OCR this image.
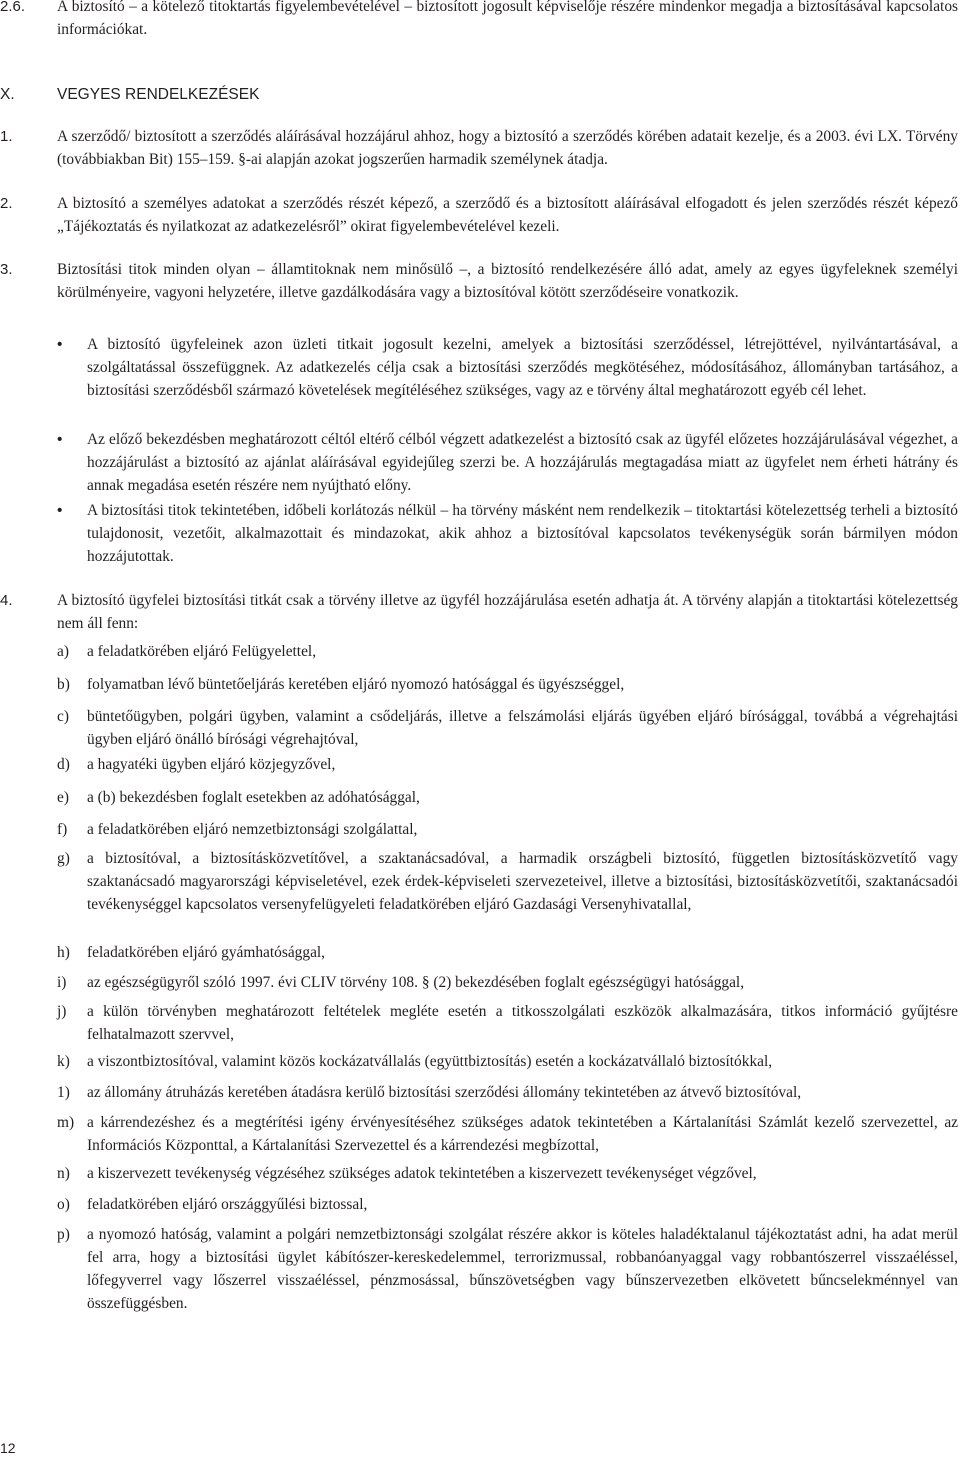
2.6. A biztosító – a kötelező titoktartás figyelembevételével – biztosított jogosult képviselője részére mindenkor megadja a biztosításával kapcsolatos információkat.
X.	VEGYES RENDELKEZÉSEK
1.	A szerződő/ biztosított a szerződés aláírásával hozzájárul ahhoz, hogy a biztosító a szerződés körében adatait kezelje, és a 2003. évi LX. Törvény (továbbiakban Bit) 155–159. §-ai alapján azokat jogszerűen harmadik személynek átadja.
2.	A biztosító a személyes adatokat a szerződés részét képező, a szerződő és a biztosított aláírásával elfogadott és jelen szerződés részét képező „Tájékoztatás és nyilatkozat az adatkezelésről” okirat figyelembevételével kezeli.
3.	Biztosítási titok minden olyan – államtitoknak nem minősülő –, a biztosító rendelkezésére álló adat, amely az egyes ügyfeleknek személyi körülményeire, vagyoni helyzetére, illetve gazdálkodására vagy a biztosítóval kötött szerződéseire vonatkozik.
• A biztosító ügyfeleinek azon üzleti titkait jogosult kezelni, amelyek a biztosítási szerződéssel, létrejöttével, nyilvántartásával, a szolgáltatással összefüggnek. Az adatkezelés célja csak a biztosítási szerződés megkötéséhez, módosításához, állományban tartásához, a biztosítási szerződésből származó követelések megítéléséhez szükséges, vagy az e törvény által meghatározott egyéb cél lehet.
• Az előző bekezdésben meghatározott céltól eltérő célból végzett adatkezelést a biztosító csak az ügyfél előzetes hozzájárulásával végezhet, a hozzájárulást a biztosító az ajánlat aláírásával egyidejűleg szerzi be. A hozzájárulás megtagadása miatt az ügyfelet nem érheti hátrány és annak megadása esetén részére nem nyújtható előny.
• A biztosítási titok tekintetében, időbeli korlátozás nélkül – ha törvény másként nem rendelkezik – titoktartási kötelezettség terheli a biztosító tulajdonosit, vezetőit, alkalmazottait és mindazokat, akik ahhoz a biztosítóval kapcsolatos tevékenységük során bármilyen módon hozzájutottak.
4.	A biztosító ügyfelei biztosítási titkát csak a törvény illetve az ügyfél hozzájárulása esetén adhatja át. A törvény alapján a titoktartási kötelezettség nem áll fenn:
a) a feladatkörében eljáró Felügyelettel,
b) folyamatban lévő büntetőeljárás keretében eljáró nyomozó hatósággal és ügyészséggel,
c) büntetőügyben, polgári ügyben, valamint a csődeljárás, illetve a felszámolási eljárás ügyében eljáró bírósággal, továbbá a végrehajtási ügyben eljáró önálló bírósági végrehajtóval,
d) a hagyatéki ügyben eljáró közjegyzővel,
e) a (b) bekezdésben foglalt esetekben az adóhatósággal,
f) a feladatkörében eljáró nemzetbiztonsági szolgálattal,
g) a biztosítóval, a biztosításközvetítővel, a szaktanácsadóval, a harmadik országbeli biztosító, független biztosításközvetítő vagy szaktanácsadó magyarországi képviseletével, ezek érdek-képviseleti szervezeteivel, illetve a biztosítási, biztosításközvetítői, szaktanácsadói tevékenységgel kapcsolatos versenyfelügyeleti feladatkörében eljáró Gazdasági Versenyhivatallal,
h) feladatkörében eljáró gyámhatósággal,
i) az egészségügyről szóló 1997. évi CLIV törvény 108. § (2) bekezdésében foglalt egészségügyi hatósággal,
j) a külön törvényben meghatározott feltételek megléte esetén a titkosszolgálati eszközök alkalmazására, titkos információ gyűjtésre felhatalmazott szervvel,
k) a viszontbiztosítóval, valamint közös kockázatvállalás (együttbiztosítás) esetén a kockázatvállaló biztosítókkal,
1) az állomány átruházás keretében átadásra kerülő biztosítási szerződési állomány tekintetében az átvevő biztosítóval,
m) a kárrendezéshez és a megtérítési igény érvényesítéséhez szükséges adatok tekintetében a Kártalanítási Számlát kezelő szervezettel, az Információs Központtal, a Kártalanítási Szervezettel és a kárrendezési megbízottal,
n) a kiszervezett tevékenység végzéséhez szükséges adatok tekintetében a kiszervezett tevékenységet végzővel,
o) feladatkörében eljáró országgyűlési biztossal,
p) a nyomozó hatóság, valamint a polgári nemzetbiztonsági szolgálat részére akkor is köteles haladéktalanul tájékoztatást adni, ha adat merül fel arra, hogy a biztosítási ügylet kábítószer-kereskedelemmel, terrorizmussal, robbanóanyaggal vagy robbantószerrel visszaéléssel, lőfegyverrel vagy lőszerrel visszaéléssel, pénzmosással, bűnszövetségben vagy bűnszervezetben elkövetett bűncselekménnyel van összefüggésben.
12
